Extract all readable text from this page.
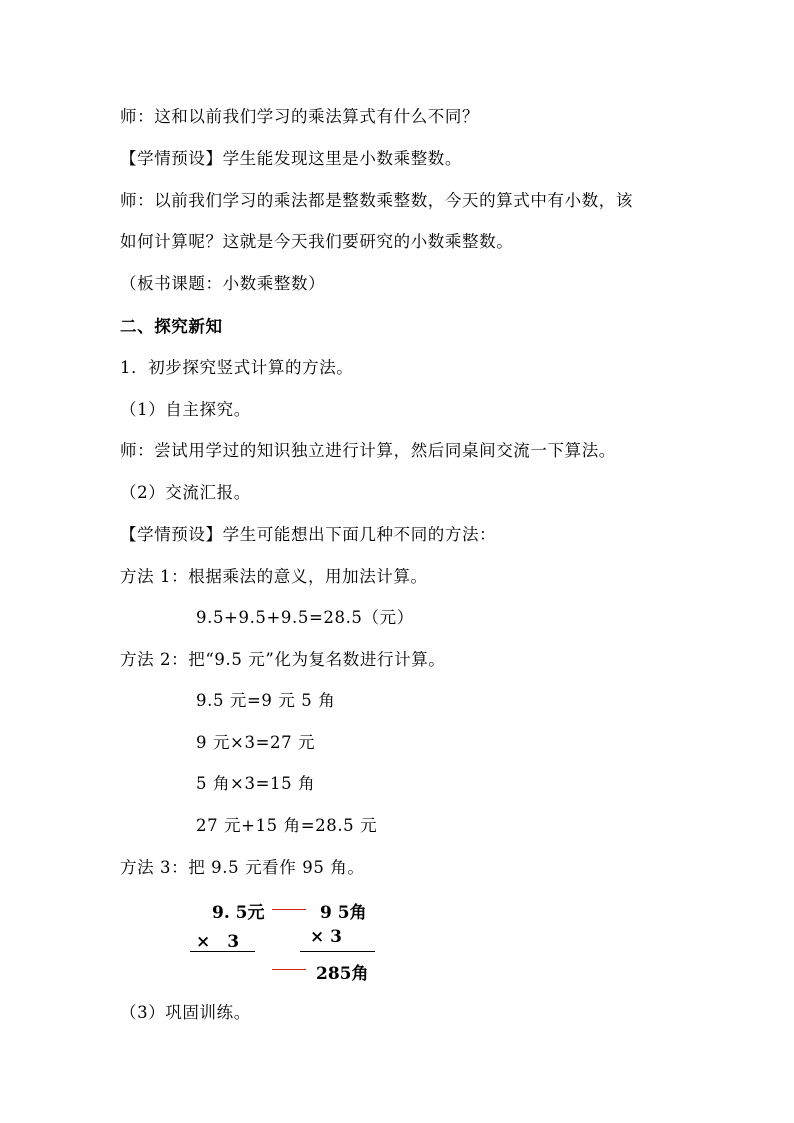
师：这和以前我们学习的乘法算式有什么不同？
【学情预设】学生能发现这里是小数乘整数。
师：以前我们学习的乘法都是整数乘整数，今天的算式中有小数，该
如何计算呢？这就是今天我们要研究的小数乘整数。
（板书课题：小数乘整数）
二、探究新知
1．初步探究竖式计算的方法。
（1）自主探究。
师：尝试用学过的知识独立进行计算，然后同桌间交流一下算法。
（2）交流汇报。
【学情预设】学生可能想出下面几种不同的方法：
方法 1：根据乘法的意义，用加法计算。
9.5+9.5+9.5=28.5（元）
方法 2：把“9.5 元”化为复名数进行计算。
9.5 元=9 元 5 角
9 元×3=27 元
5 角×3=15 角
27 元+15 角=28.5 元
方法 3：把 9.5 元看作 95 角。
9. 5元	9 5角
×　3	× 3
285角
（3）巩固训练。
